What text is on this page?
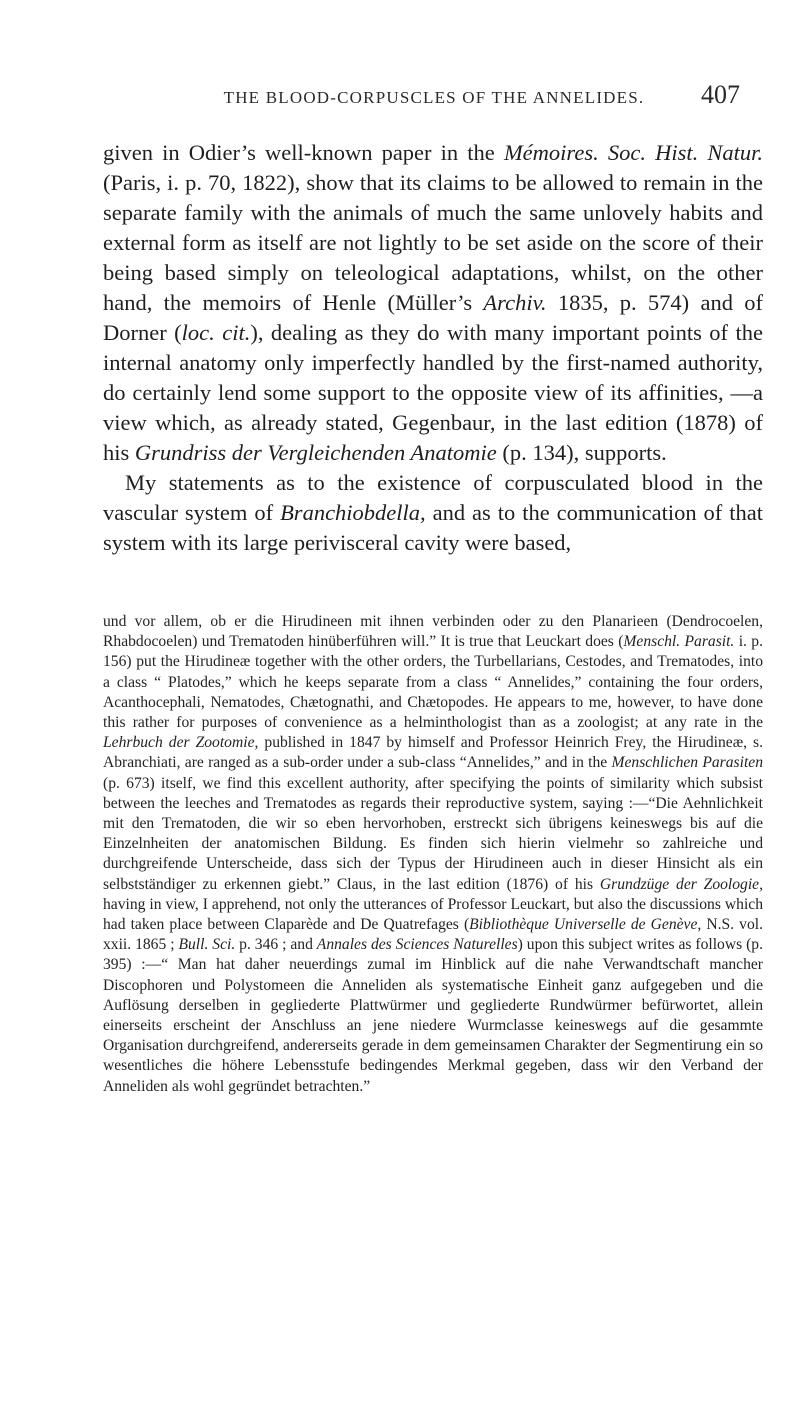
THE BLOOD-CORPUSCLES OF THE ANNELIDES.	407

given in Odier’s well-known paper in the Mémoires. Soc. Hist. Natur. (Paris, i. p. 70, 1822), show that its claims to be allowed to remain in the separate family with the animals of much the same unlovely habits and external form as itself are not lightly to be set aside on the score of their being based simply on teleological adaptations, whilst, on the other hand, the memoirs of Henle (Müller’s Archiv. 1835, p. 574) and of Dorner (loc. cit.), dealing as they do with many important points of the internal anatomy only imperfectly handled by the first-named authority, do certainly lend some support to the opposite view of its affinities, —a view which, as already stated, Gegenbaur, in the last edition (1878) of his Grundriss der Vergleichenden Anatomie (p. 134), supports.

My statements as to the existence of corpusculated blood in the vascular system of Branchiobdella, and as to the communication of that system with its large perivisceral cavity were based,

und vor allem, ob er die Hirudineen mit ihnen verbinden oder zu den Planarieen (Dendrocoelen, Rhabdocoelen) und Trematoden hinüberführen will.” It is true that Leuckart does (Menschl. Parasit. i. p. 156) put the Hirudineæ together with the other orders, the Turbellarians, Cestodes, and Trematodes, into a class “ Platodes,” which he keeps separate from a class “ Annelides,” containing the four orders, Acanthocephali, Nematodes, Chætognathi, and Chætopodes. He appears to me, however, to have done this rather for purposes of convenience as a helminthologist than as a zoologist; at any rate in the Lehrbuch der Zootomie, published in 1847 by himself and Professor Heinrich Frey, the Hirudineæ, s. Abranchiati, are ranged as a sub-order under a sub-class “Annelides,” and in the Menschlichen Parasiten (p. 673) itself, we find this excellent authority, after specifying the points of similarity which subsist between the leeches and Trematodes as regards their reproductive system, saying :—“Die Aehnlichkeit mit den Trematoden, die wir so eben hervorhoben, erstreckt sich übrigens keineswegs bis auf die Einzelnheiten der anatomischen Bildung. Es finden sich hierin vielmehr so zahlreiche und durchgreifende Unterscheide, dass sich der Typus der Hirudineen auch in dieser Hinsicht als ein selbstständiger zu erkennen giebt.” Claus, in the last edition (1876) of his Grundzüge der Zoologie, having in view, I apprehend, not only the utterances of Professor Leuckart, but also the discussions which had taken place between Claparède and De Quatrefages (Bibliothèque Universelle de Genève, N.S. vol. xxii. 1865 ; Bull. Sci. p. 346 ; and Annales des Sciences Naturelles) upon this subject writes as follows (p. 395) :—“ Man hat daher neuerdings zumal im Hinblick auf die nahe Verwandtschaft mancher Discophoren und Polystomeen die Anneliden als systematische Einheit ganz aufgegeben und die Auflösung derselben in gegliederte Plattwürmer und gegliederte Rundwürmer befürwortet, allein einerseits erscheint der Anschluss an jene niedere Wurmclasse keineswegs auf die gesammte Organisation durchgreifend, andererseits gerade in dem gemeinsamen Charakter der Segmentirung ein so wesentliches die höhere Lebensstufe bedingendes Merkmal gegeben, dass wir den Verband der Anneliden als wohl gegründet betrachten.”
